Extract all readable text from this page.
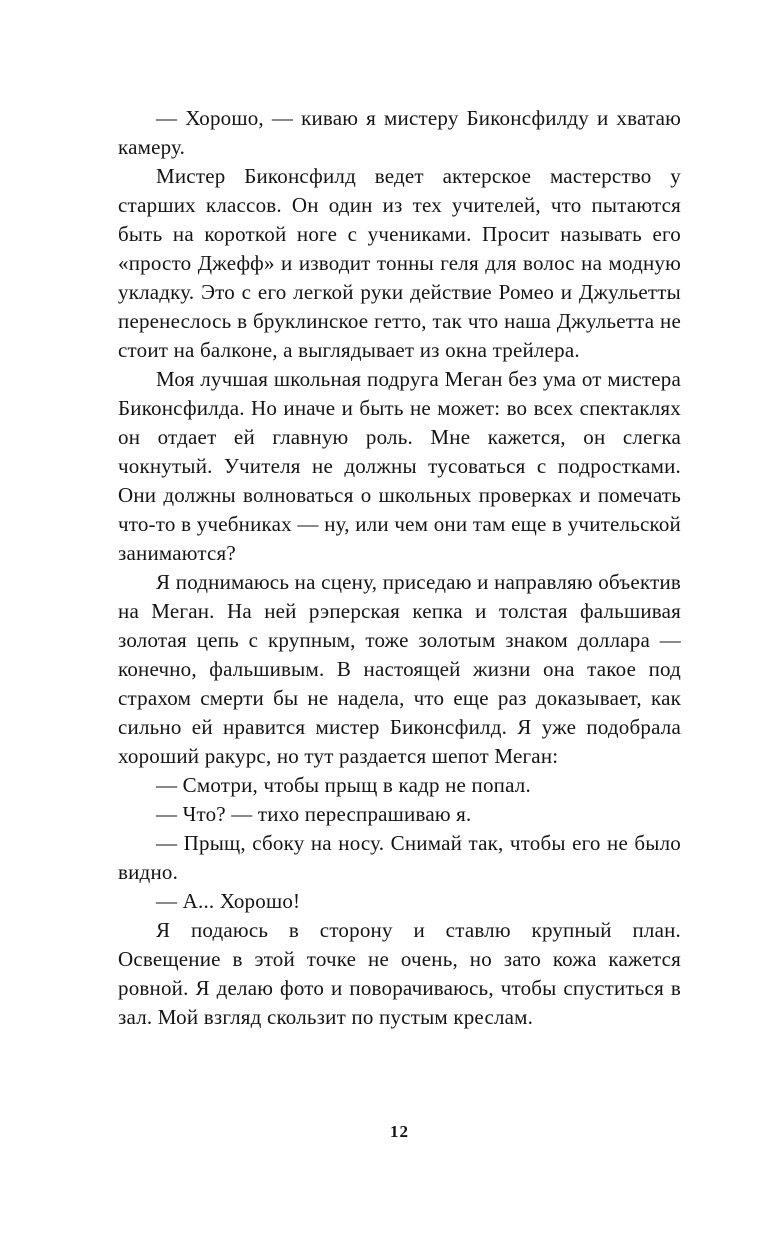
— Хорошо, — киваю я мистеру Биконсфилду и хватаю камеру.

Мистер Биконсфилд ведет актерское мастерство у старших классов. Он один из тех учителей, что пытаются быть на короткой ноге с учениками. Просит называть его «просто Джефф» и изводит тонны геля для волос на модную укладку. Это с его легкой руки действие Ромео и Джульетты перенеслось в бруклинское гетто, так что наша Джульетта не стоит на балконе, а выглядывает из окна трейлера.

Моя лучшая школьная подруга Меган без ума от мистера Биконсфилда. Но иначе и быть не может: во всех спектаклях он отдает ей главную роль. Мне кажется, он слегка чокнутый. Учителя не должны тусоваться с подростками. Они должны волноваться о школьных проверках и помечать что-то в учебниках — ну, или чем они там еще в учительской занимаются?

Я поднимаюсь на сцену, приседаю и направляю объектив на Меган. На ней рэперская кепка и толстая фальшивая золотая цепь с крупным, тоже золотым знаком доллара — конечно, фальшивым. В настоящей жизни она такое под страхом смерти бы не надела, что еще раз доказывает, как сильно ей нравится мистер Биконсфилд. Я уже подобрала хороший ракурс, но тут раздается шепот Меган:

— Смотри, чтобы прыщ в кадр не попал.

— Что? — тихо переспрашиваю я.

— Прыщ, сбоку на носу. Снимай так, чтобы его не было видно.

— А... Хорошо!

Я подаюсь в сторону и ставлю крупный план. Освещение в этой точке не очень, но зато кожа кажется ровной. Я делаю фото и поворачиваюсь, чтобы спуститься в зал. Мой взгляд скользит по пустым креслам.

12
